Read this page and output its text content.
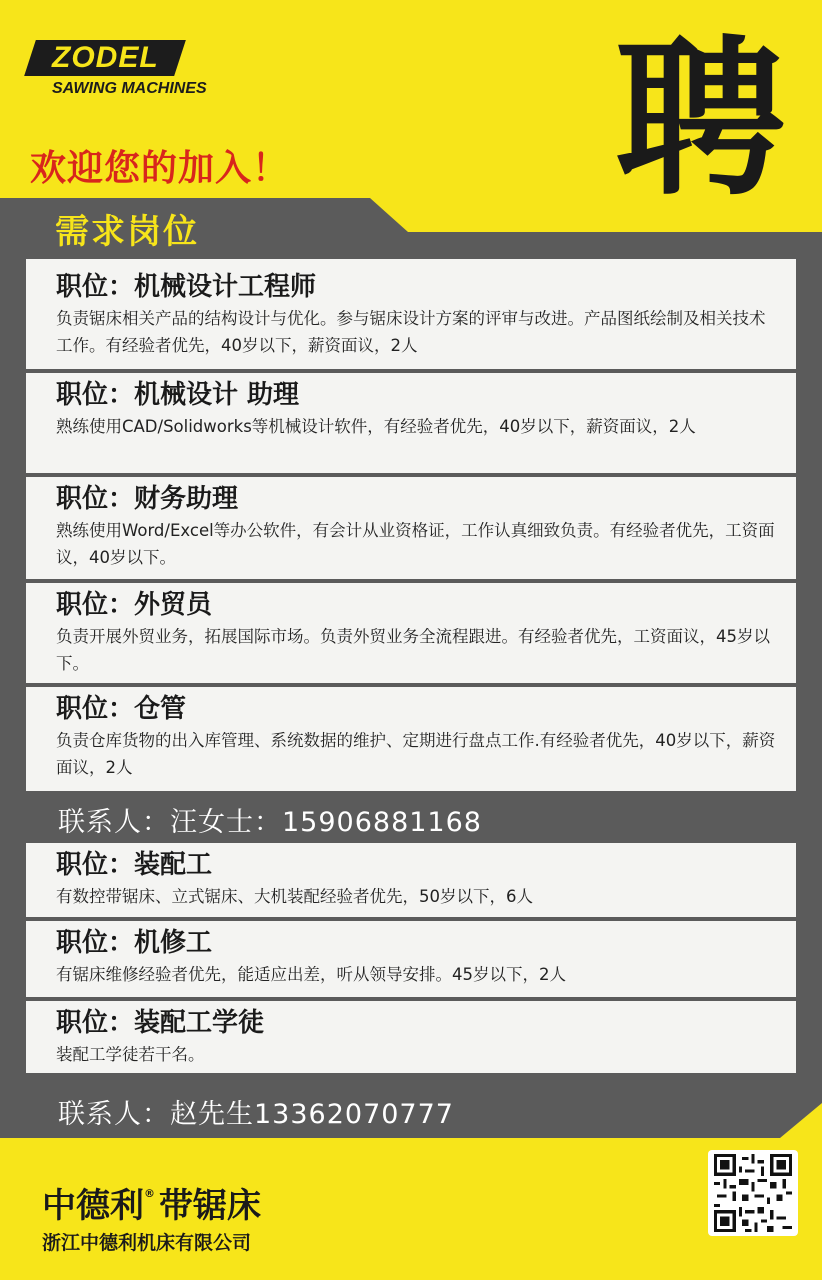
ZODEL
SAWING MACHINES
欢迎您的加入！ 聘
需求岗位
职位：机械设计工程师
负责锯床相关产品的结构设计与优化。参与锯床设计方案的评审与改进。产品图纸绘制及相关技术工作。有经验者优先，40岁以下，薪资面议，2人
职位：机械设计 助理
熟练使用CAD/Solidworks等机械设计软件，有经验者优先，40岁以下，薪资面议，2人
职位：财务助理
熟练使用Word/Excel等办公软件，有会计从业资格证，工作认真细致负责。有经验者优先，工资面议，40岁以下。
职位：外贸员
负责开展外贸业务，拓展国际市场。负责外贸业务全流程跟进。有经验者优先，工资面议，45岁以下。
职位：仓管
负责仓库货物的出入库管理、系统数据的维护、定期进行盘点工作.有经验者优先，40岁以下，薪资面议，2人
联系人：汪女士：15906881168
职位：装配工
有数控带锯床、立式锯床、大机装配经验者优先，50岁以下，6人
职位：机修工
有锯床维修经验者优先，能适应出差，听从领导安排。45岁以下，2人
职位：装配工学徒
装配工学徒若干名。
联系人：赵先生13362070777
中德利® 带锯床
浙江中德利机床有限公司
